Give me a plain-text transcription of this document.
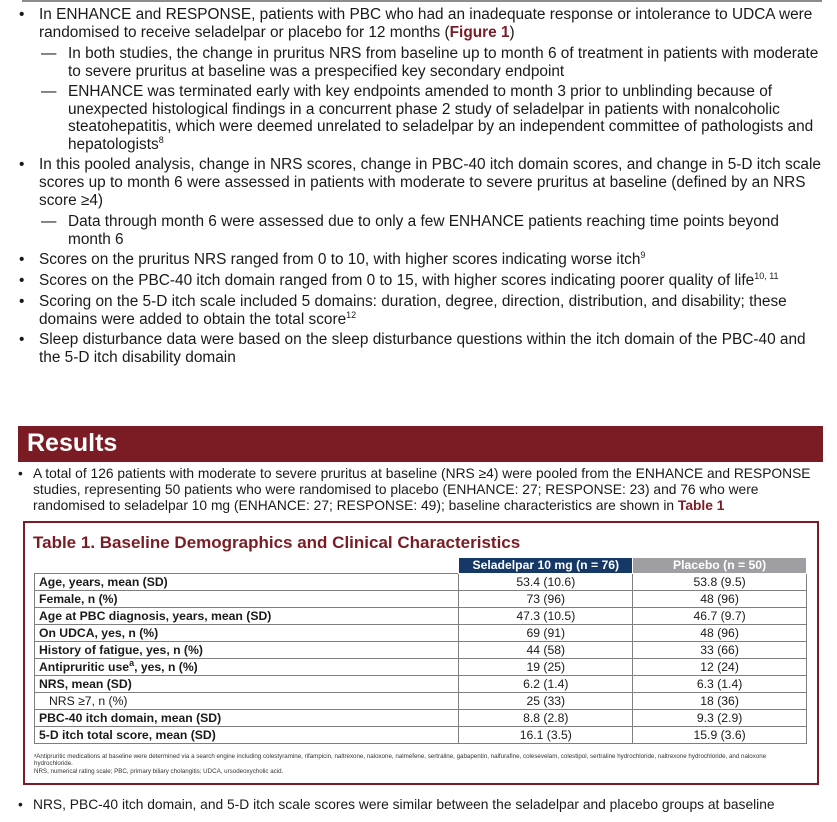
• In ENHANCE and RESPONSE, patients with PBC who had an inadequate response or intolerance to UDCA were randomised to receive seladelpar or placebo for 12 months (Figure 1)
— In both studies, the change in pruritus NRS from baseline up to month 6 of treatment in patients with moderate to severe pruritus at baseline was a prespecified key secondary endpoint
— ENHANCE was terminated early with key endpoints amended to month 3 prior to unblinding because of unexpected histological findings in a concurrent phase 2 study of seladelpar in patients with nonalcoholic steatohepatitis, which were deemed unrelated to seladelpar by an independent committee of pathologists and hepatologists$^8$
• In this pooled analysis, change in NRS scores, change in PBC-40 itch domain scores, and change in 5-D itch scale scores up to month 6 were assessed in patients with moderate to severe pruritus at baseline (defined by an NRS score ≥4)
— Data through month 6 were assessed due to only a few ENHANCE patients reaching time points beyond month 6
• Scores on the pruritus NRS ranged from 0 to 10, with higher scores indicating worse itch$^9$
• Scores on the PBC-40 itch domain ranged from 0 to 15, with higher scores indicating poorer quality of life$^{10, 11}$
• Scoring on the 5-D itch scale included 5 domains: duration, degree, direction, distribution, and disability; these domains were added to obtain the total score$^{12}$
• Sleep disturbance data were based on the sleep disturbance questions within the itch domain of the PBC-40 and the 5-D itch disability domain
Results
• A total of 126 patients with moderate to severe pruritus at baseline (NRS ≥4) were pooled from the ENHANCE and RESPONSE studies, representing 50 patients who were randomised to placebo (ENHANCE: 27; RESPONSE: 23) and 76 who were randomised to seladelpar 10 mg (ENHANCE: 27; RESPONSE: 49); baseline characteristics are shown in Table 1
Table 1. Baseline Demographics and Clinical Characteristics
	Seladelpar 10 mg (n = 76)	Placebo (n = 50)
Age, years, mean (SD)	53.4 (10.6)	53.8 (9.5)
Female, n (%)	73 (96)	48 (96)
Age at PBC diagnosis, years, mean (SD)	47.3 (10.5)	46.7 (9.7)
On UDCA, yes, n (%)	69 (91)	48 (96)
History of fatigue, yes, n (%)	44 (58)	33 (66)
Antipruritic use$^a$, yes, n (%)	19 (25)	12 (24)
NRS, mean (SD)	6.2 (1.4)	6.3 (1.4)
NRS ≥7, n (%)	25 (33)	18 (36)
PBC-40 itch domain, mean (SD)	8.8 (2.8)	9.3 (2.9)
5-D itch total score, mean (SD)	16.1 (3.5)	15.9 (3.6)
ᵃAntipruritic medications at baseline were determined via a search engine including colestyramine, rifampicin, naltrexone, naloxone, nalmefene, sertraline, gabapentin, nalfurafine, colesevelam, colestipol, sertraline hydrochloride, naltrexone hydrochloride, and naloxone hydrochloride.
NRS, numerical rating scale; PBC, primary biliary cholangitis; UDCA, ursodeoxycholic acid.
• NRS, PBC-40 itch domain, and 5-D itch scale scores were similar between the seladelpar and placebo groups at baseline
